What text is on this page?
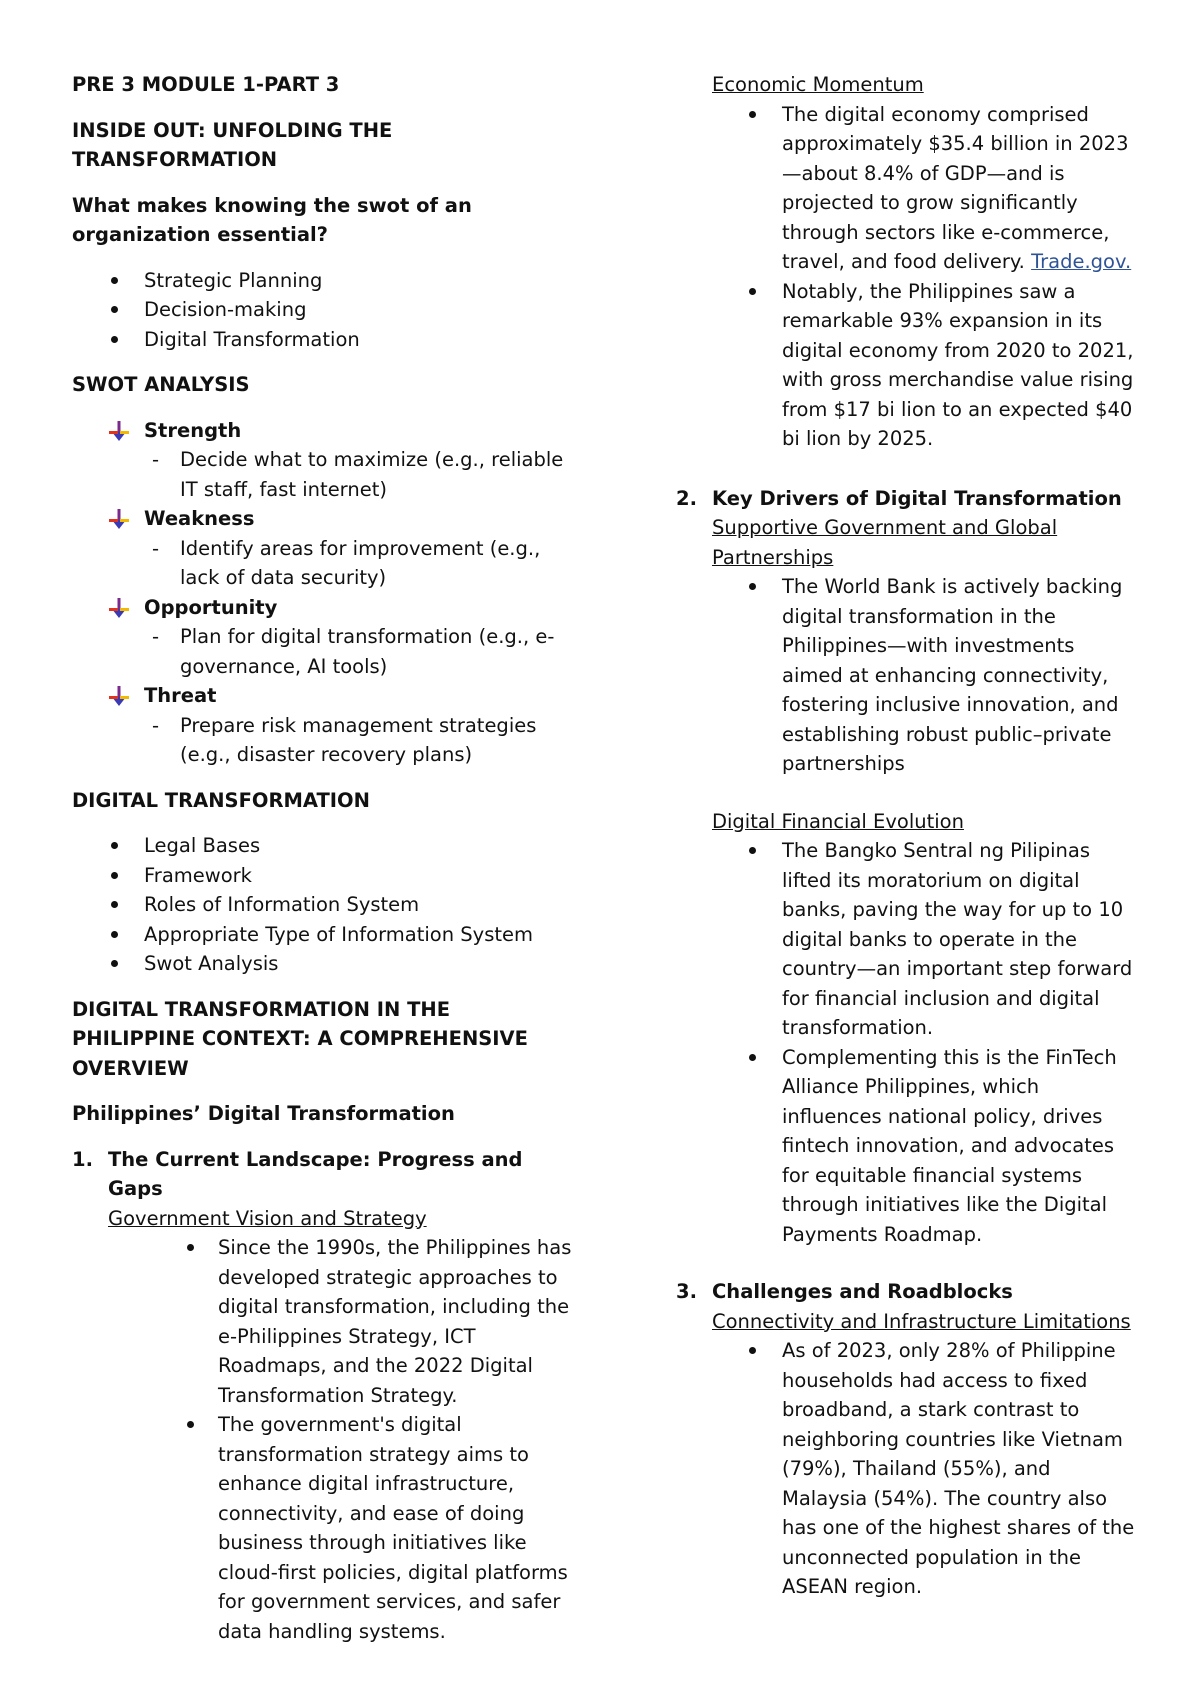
PRE 3 MODULE 1-PART 3

INSIDE OUT: UNFOLDING THE TRANSFORMATION

What makes knowing the swot of an organization essential?

Strategic Planning
Decision-making
Digital Transformation

SWOT ANALYSIS

Strength
- Decide what to maximize (e.g., reliable IT staff, fast internet)
Weakness
- Identify areas for improvement (e.g., lack of data security)
Opportunity
- Plan for digital transformation (e.g., e-governance, AI tools)
Threat
- Prepare risk management strategies (e.g., disaster recovery plans)

DIGITAL TRANSFORMATION

Legal Bases
Framework
Roles of Information System
Appropriate Type of Information System
Swot Analysis

DIGITAL TRANSFORMATION IN THE PHILIPPINE CONTEXT: A COMPREHENSIVE OVERVIEW

Philippines’ Digital Transformation

1. The Current Landscape: Progress and Gaps

Government Vision and Strategy

Since the 1990s, the Philippines has developed strategic approaches to digital transformation, including the e-Philippines Strategy, ICT Roadmaps, and the 2022 Digital Transformation Strategy.
The government's digital transformation strategy aims to enhance digital infrastructure, connectivity, and ease of doing business through initiatives like cloud-first policies, digital platforms for government services, and safer data handling systems.

Economic Momentum

The digital economy comprised approximately $35.4 billion in 2023—about 8.4% of GDP—and is projected to grow significantly through sectors like e-commerce, travel, and food delivery. Trade.gov.
Notably, the Philippines saw a remarkable 93% expansion in its digital economy from 2020 to 2021, with gross merchandise value rising from $17 bi lion to an expected $40 bi lion by 2025.
2. Key Drivers of Digital Transformation

Supportive Government and Global Partnerships

The World Bank is actively backing digital transformation in the Philippines—with investments aimed at enhancing connectivity, fostering inclusive innovation, and establishing robust public–private partnerships

Digital Financial Evolution

The Bangko Sentral ng Pilipinas lifted its moratorium on digital banks, paving the way for up to 10 digital banks to operate in the country—an important step forward for financial inclusion and digital transformation.
Complementing this is the FinTech Alliance Philippines, which influences national policy, drives fintech innovation, and advocates for equitable financial systems through initiatives like the Digital Payments Roadmap.
3. Challenges and Roadblocks

Connectivity and Infrastructure Limitations

As of 2023, only 28% of Philippine households had access to fixed broadband, a stark contrast to neighboring countries like Vietnam (79%), Thailand (55%), and Malaysia (54%). The country also has one of the highest shares of the unconnected population in the ASEAN region.
